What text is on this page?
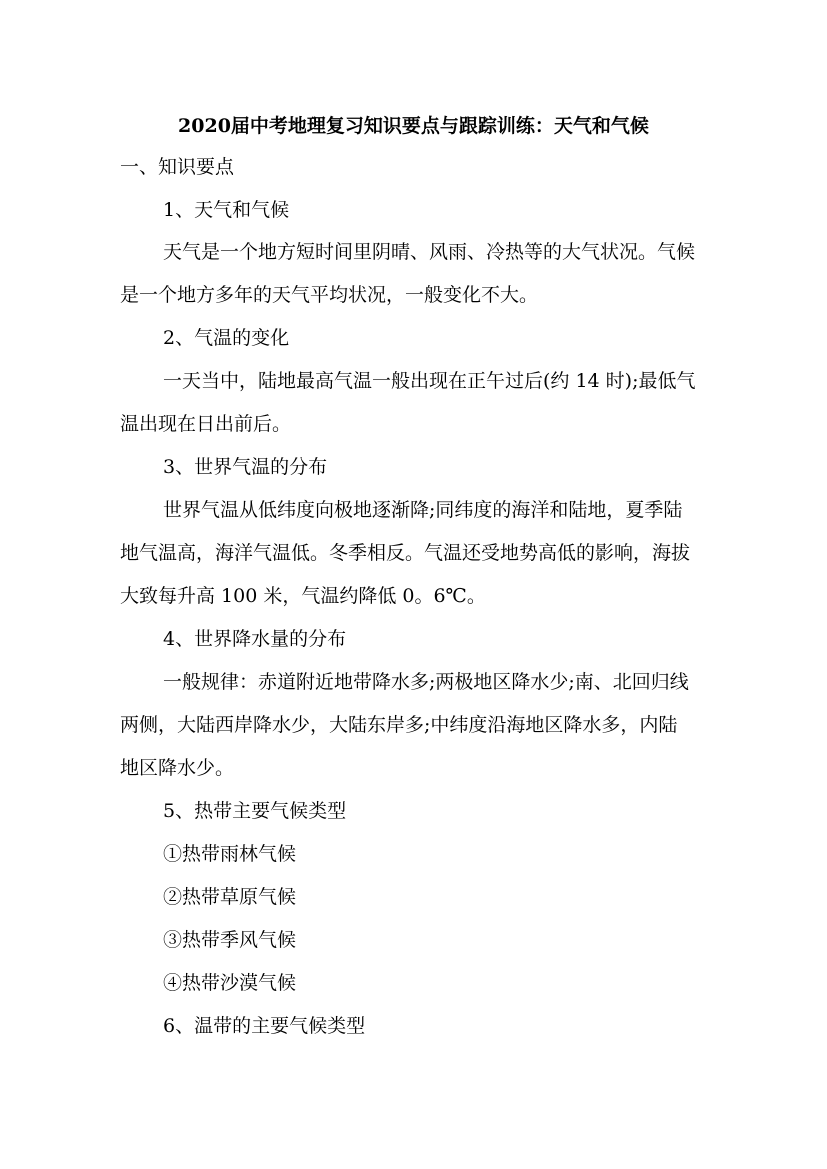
2020届中考地理复习知识要点与跟踪训练：天气和气候
一、知识要点
1、天气和气候
天气是一个地方短时间里阴晴、风雨、冷热等的大气状况。气候
是一个地方多年的天气平均状况，一般变化不大。
2、气温的变化
一天当中，陆地最高气温一般出现在正午过后(约 14 时);最低气
温出现在日出前后。
3、世界气温的分布
世界气温从低纬度向极地逐渐降;同纬度的海洋和陆地，夏季陆
地气温高，海洋气温低。冬季相反。气温还受地势高低的影响，海拔
大致每升高 100 米，气温约降低 0。6℃。
4、世界降水量的分布
一般规律：赤道附近地带降水多;两极地区降水少;南、北回归线
两侧，大陆西岸降水少，大陆东岸多;中纬度沿海地区降水多，内陆
地区降水少。
5、热带主要气候类型
①热带雨林气候
②热带草原气候
③热带季风气候
④热带沙漠气候
6、温带的主要气候类型
